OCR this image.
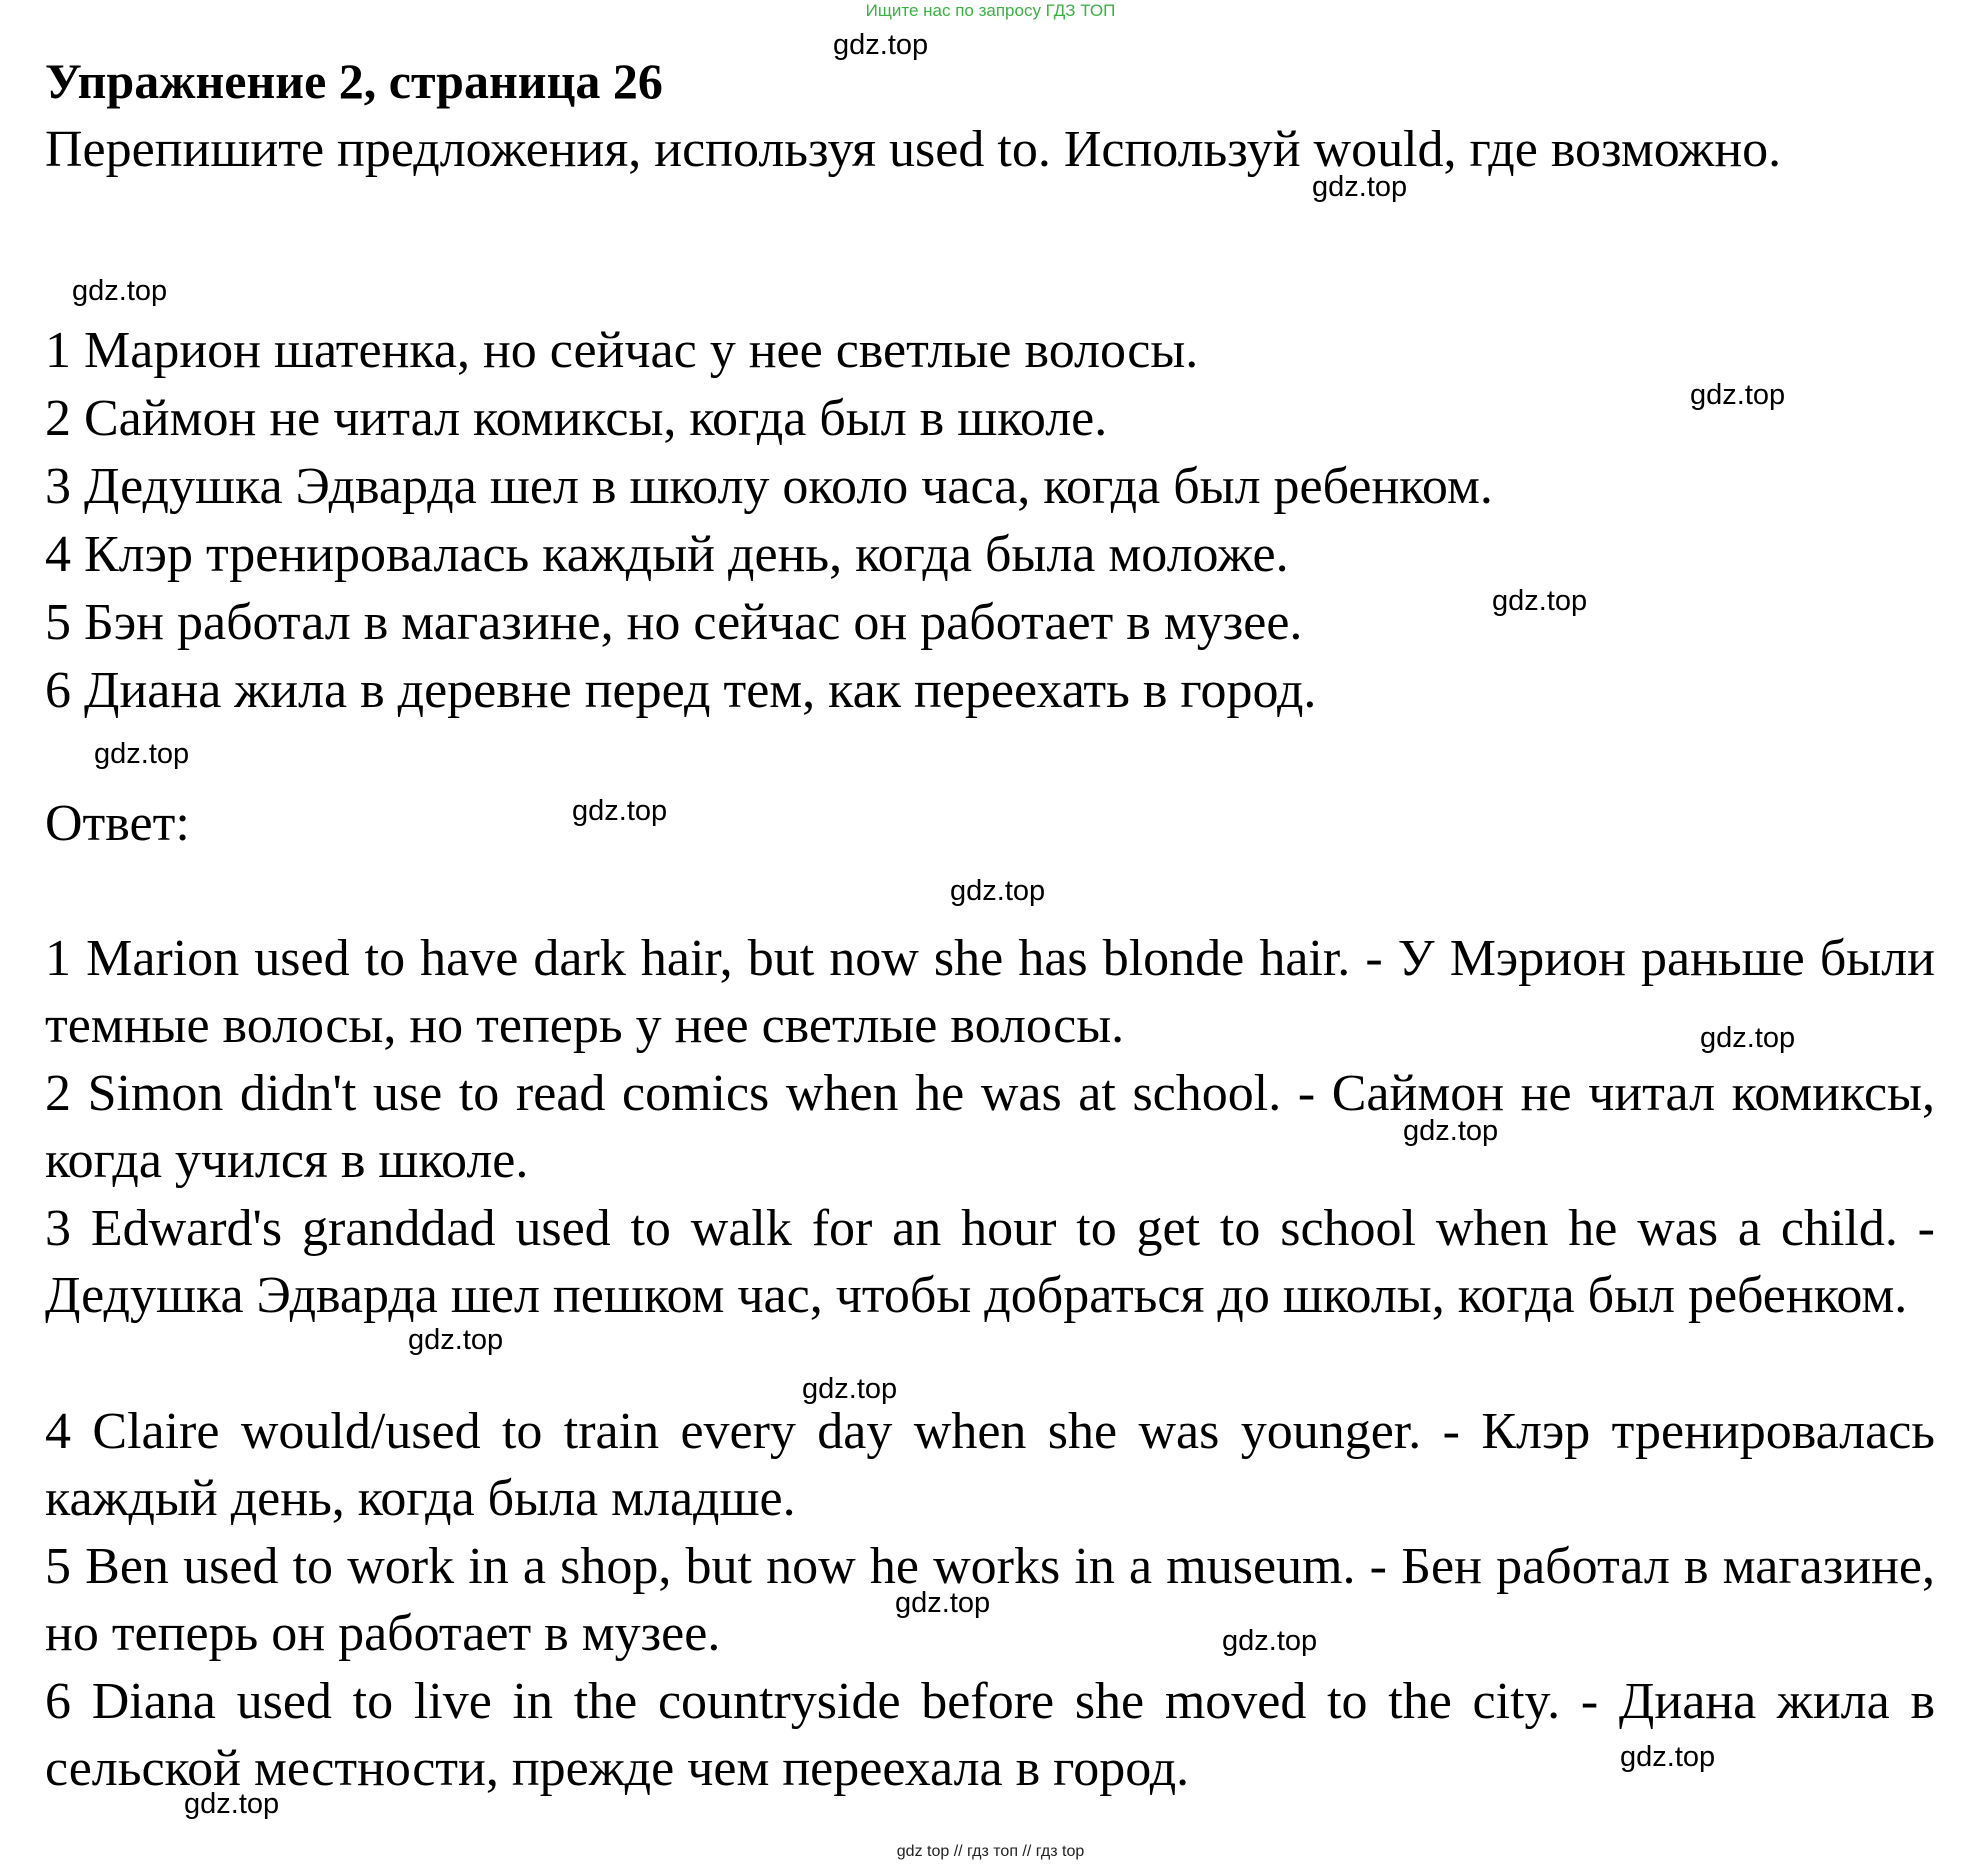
Ищите нас по запросу ГДЗ ТОП
Упражнение 2, страница 26
Перепишите предложения, используя used to. Используй would, где возможно.
1 Марион шатенка, но сейчас у нее светлые волосы.
2 Саймон не читал комиксы, когда был в школе.
3 Дедушка Эдварда шел в школу около часа, когда был ребенком.
4 Клэр тренировалась каждый день, когда была моложе.
5 Бэн работал в магазине, но сейчас он работает в музее.
6 Диана жила в деревне перед тем, как переехать в город.
Ответ:
1 Marion used to have dark hair, but now she has blonde hair. - У Мэрион раньше были темные волосы, но теперь у нее светлые волосы.
2 Simon didn't use to read comics when he was at school. - Саймон не читал комиксы, когда учился в школе.
3 Edward's granddad used to walk for an hour to get to school when he was a child. - Дедушка Эдварда шел пешком час, чтобы добраться до школы, когда был ребенком.
4 Claire would/used to train every day when she was younger. - Клэр тренировалась каждый день, когда была младше.
5 Ben used to work in a shop, but now he works in a museum. - Бен работал в магазине, но теперь он работает в музее.
6 Diana used to live in the countryside before she moved to the city. - Диана жила в сельской местности, прежде чем переехала в город.
gdz.top
gdz.top
gdz.top
gdz.top
gdz.top
gdz.top
gdz.top
gdz.top
gdz.top
gdz.top
gdz.top
gdz.top
gdz.top
gdz.top
gdz.top
gdz.top
gdz top // гдз топ // гдз top
